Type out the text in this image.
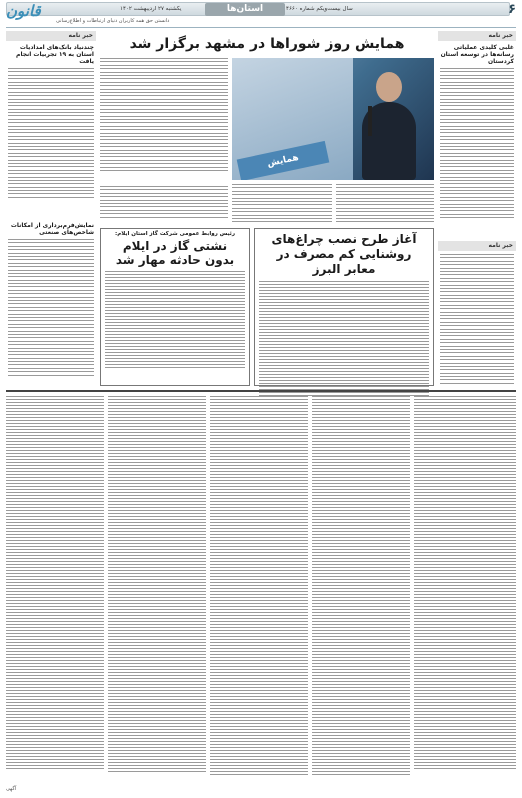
قانون	یکشنبه ۲۷ اردیبهشت ۱۴۰۲	استان‌ها	سال بیست‌ویکم شماره ۴۶۶۰	۶
دانستن حق همه کاربران دنیای ارتباطات و اطلاع‌رسانی
خبر نامه
غلبی کلیدی عملیاتی رسانه‌ها در توسعه استان کردستان
خبر نامه
خبر نامه
چندنیاد بانک‌های امدادیات استان به ۱۹ تجربیات انجام یافت
نمایش‌فرم‌برداری از امکانات شاخص‌های صنعتی
همایش روز شوراها در مشهد برگزار شد
همایش
رئیس روابط عمومی شرکت گاز استان ایلام:
نشتی گاز در ایلام بدون حادثه مهار شد
آغاز طرح نصب چراغ‌های روشنایی کم مصرف در معابر البرز
آگهی
